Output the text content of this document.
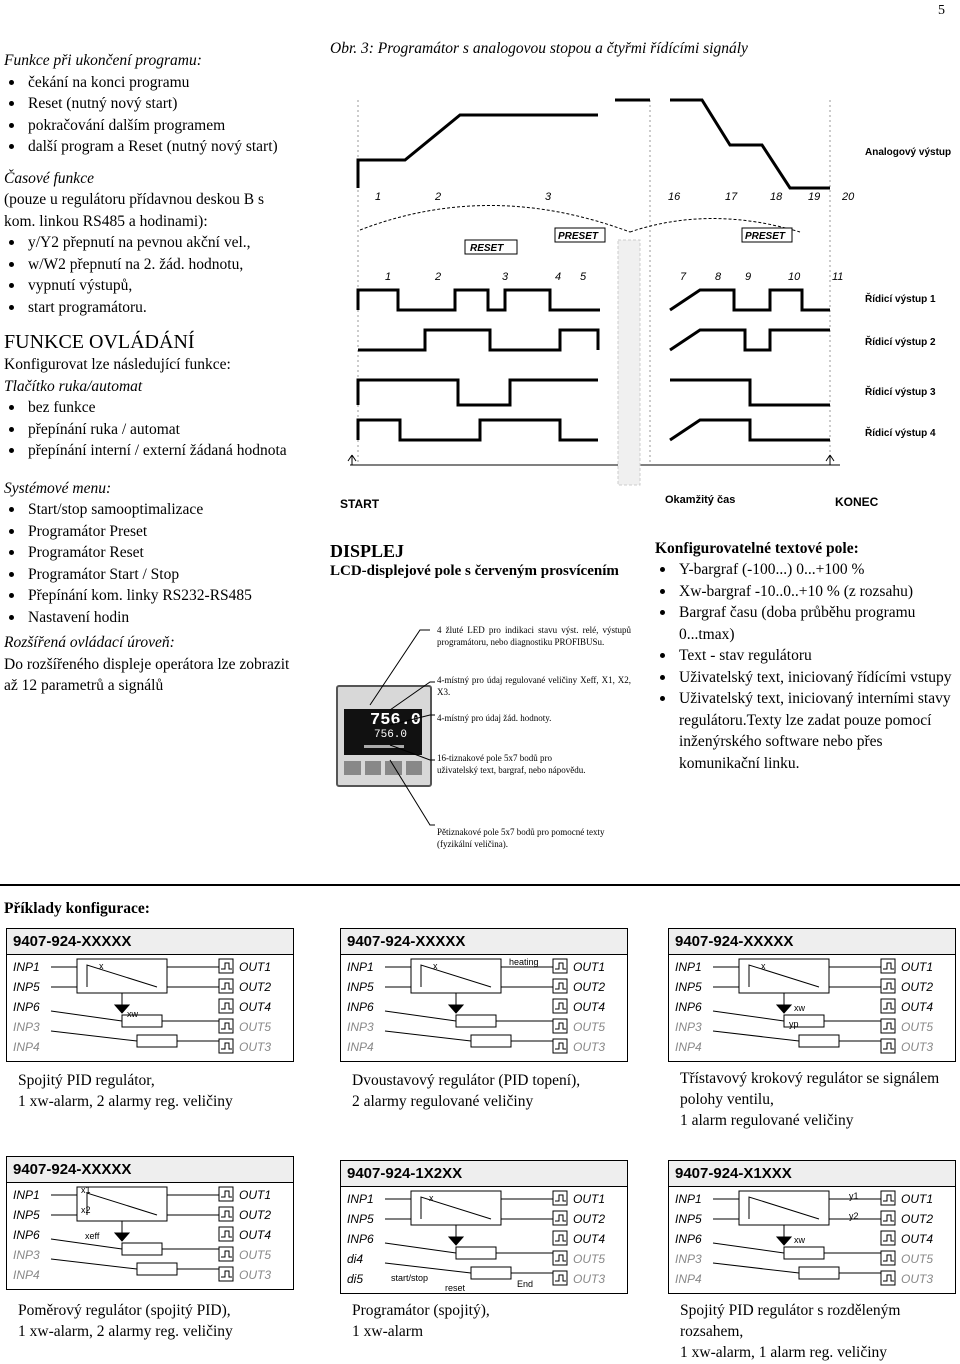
5
Funkce při ukončení programu:
čekání na konci programu
Reset (nutný nový start)
pokračování dalším programem
další program a Reset (nutný nový start)
Časové funkce
(pouze u regulátoru přídavnou deskou B s kom. linkou RS485 a hodinami):
y/Y2 přepnutí na pevnou akční vel.,
w/W2 přepnutí na 2. žád. hodnotu,
vypnutí výstupů,
start programátoru.
FUNKCE OVLÁDÁNÍ
Konfigurovat lze následující funkce:
Tlačítko ruka/automat
bez funkce
přepínání ruka / automat
přepínání interní / externí žádaná hodnota
Systémové menu:
Start/stop samooptimalizace
Programátor Preset
Programátor Reset
Programátor Start / Stop
Přepínání kom. linky RS232-RS485
Nastavení hodin
Rozšířená ovládací úroveň:
Do rozšířeného displeje operátora lze zobrazit až 12 parametrů a signálů
Obr. 3: Programátor s analogovou stopou a čtyřmi řídícími signály
Analogový výstup
1	2	3	16	17	18 19 20
RESET
PRESET	PRESET
1	2	3	4 5	7	8 9	10	11
Řídicí výstup 1
Řídicí výstup 2
Řídicí výstup 3
Řídicí výstup 4
START	Okamžitý čas	KONEC
DISPLEJ
LCD-displejové pole s červeným prosvícením
756.0
756.0
4 žluté LED pro indikaci stavu výst. relé, výstupů programátoru, nebo diagnostiku PROFIBUSu.
4-místný pro údaj regulované veličiny Xeff, X1, X2, X3.
4-místný pro údaj žád. hodnoty.
16-tiznakové pole 5x7 bodů pro uživatelský text, bargraf, nebo nápovědu.
Pětiznakové pole 5x7 bodů pro pomocné texty (fyzikální veličina).
Konfigurovatelné textové pole:
Y-bargraf (-100...) 0...+100 %
Xw-bargraf -10..0..+10 % (z rozsahu)
Bargraf času (doba průběhu programu 0...tmax)
Text - stav regulátoru
Uživatelský text, iniciovaný řídícími vstupy
Uživatelský text, iniciovaný interními stavy regulátoru.Texty lze zadat pouze pomocí inženýrského software nebo přes komunikační linku.
Příklady konfigurace:
9407-924-XXXXX
INP1
INP5
INP6
INP3
INP4
OUT1
OUT2
OUT4
OUT5
OUT3
x
xw
Spojitý PID regulátor,
1 xw-alarm, 2 alarmy reg. veličiny
9407-924-XXXXX
INP1
INP5
INP6
INP3
INP4
OUT1
OUT2
OUT4
OUT5
OUT3
x	heating
Dvoustavový regulátor (PID topení),
2 alarmy regulované veličiny
9407-924-XXXXX
INP1
INP5
INP6
INP3
INP4
OUT1
OUT2
OUT4
OUT5
OUT3
x
xw
yp
Třístavový krokový regulátor se signálem polohy ventilu,
1 alarm regulované veličiny
9407-924-XXXXX
INP1
INP5
INP6
INP3
INP4
OUT1
OUT2
OUT4
OUT5
OUT3
x1
x2
xeff
Poměrový regulátor (spojitý PID),
1 xw-alarm, 2 alarmy reg. veličiny
9407-924-1X2XX
INP1
INP5
INP6
di4
di5
OUT1
OUT2
OUT4
OUT5
OUT3
x
start/stop
reset	End
Programátor (spojitý),
1 xw-alarm
9407-924-X1XXX
INP1
INP5
INP6
INP3
INP4
OUT1
OUT2
OUT4
OUT5
OUT3
y1
y2
xw
Spojitý PID regulátor s rozděleným rozsahem,
1 xw-alarm, 1 alarm reg. veličiny
